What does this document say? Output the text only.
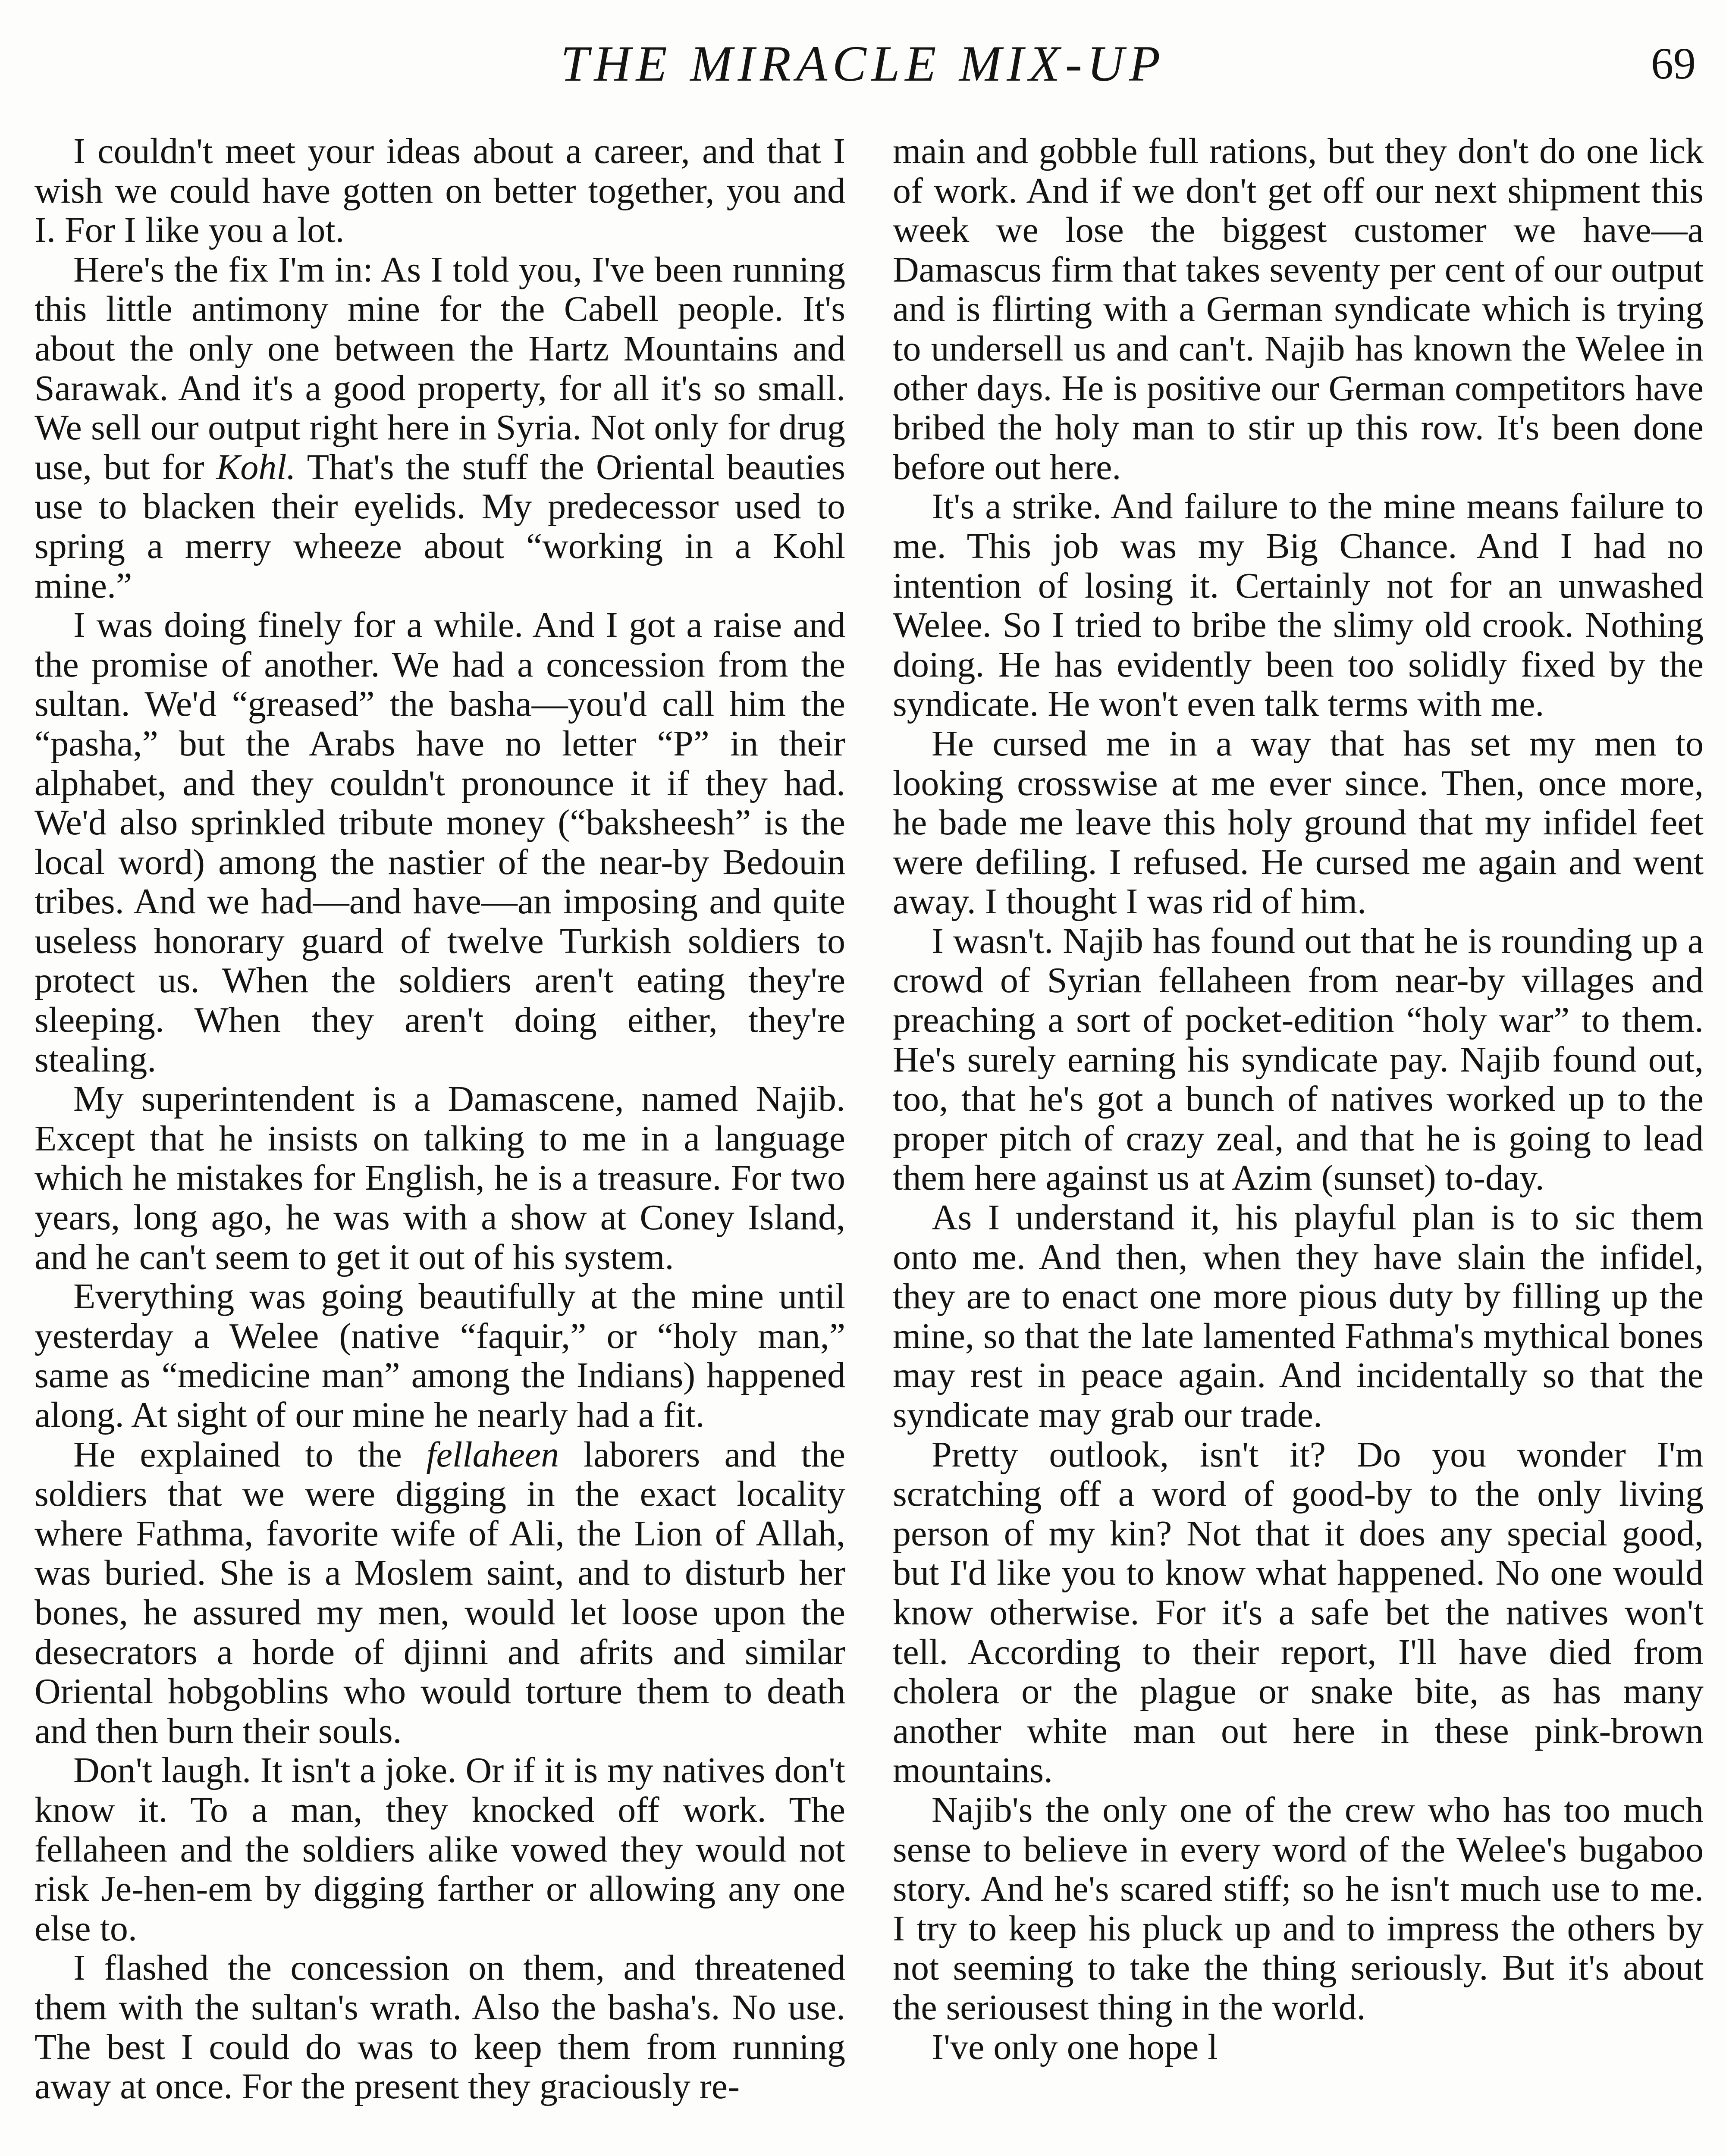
THE MIRACLE MIX-UP	69

I couldn't meet your ideas about a career, and that I wish we could have gotten on better together, you and I. For I like you a lot.

Here's the fix I'm in: As I told you, I've been running this little antimony mine for the Cabell people. It's about the only one between the Hartz Mountains and Sarawak. And it's a good property, for all it's so small. We sell our output right here in Syria. Not only for drug use, but for Kohl. That's the stuff the Oriental beauties use to blacken their eyelids. My predecessor used to spring a merry wheeze about “working in a Kohl mine.”

I was doing finely for a while. And I got a raise and the promise of another. We had a concession from the sultan. We'd “greased” the basha—you'd call him the “pasha,” but the Arabs have no letter “P” in their alphabet, and they couldn't pronounce it if they had. We'd also sprinkled tribute money (“baksheesh” is the local word) among the nastier of the near-by Bedouin tribes. And we had—and have—an imposing and quite useless honorary guard of twelve Turkish soldiers to protect us. When the soldiers aren't eating they're sleeping. When they aren't doing either, they're stealing.

My superintendent is a Damascene, named Najib. Except that he insists on talking to me in a language which he mistakes for English, he is a treasure. For two years, long ago, he was with a show at Coney Island, and he can't seem to get it out of his system.

Everything was going beautifully at the mine until yesterday a Welee (native “faquir,” or “holy man,” same as “medicine man” among the Indians) happened along. At sight of our mine he nearly had a fit.

He explained to the fellaheen laborers and the soldiers that we were digging in the exact locality where Fathma, favorite wife of Ali, the Lion of Allah, was buried. She is a Moslem saint, and to disturb her bones, he assured my men, would let loose upon the desecrators a horde of djinni and afrits and similar Oriental hobgoblins who would torture them to death and then burn their souls.

Don't laugh. It isn't a joke. Or if it is my natives don't know it. To a man, they knocked off work. The fellaheen and the soldiers alike vowed they would not risk Je-hen-em by digging farther or allowing any one else to.

I flashed the concession on them, and threatened them with the sultan's wrath. Also the basha's. No use. The best I could do was to keep them from running away at once. For the present they graciously re-

main and gobble full rations, but they don't do one lick of work. And if we don't get off our next shipment this week we lose the biggest customer we have—a Damascus firm that takes seventy per cent of our output and is flirting with a German syndicate which is trying to undersell us and can't. Najib has known the Welee in other days. He is positive our German competitors have bribed the holy man to stir up this row. It's been done before out here.

It's a strike. And failure to the mine means failure to me. This job was my Big Chance. And I had no intention of losing it. Certainly not for an unwashed Welee. So I tried to bribe the slimy old crook. Nothing doing. He has evidently been too solidly fixed by the syndicate. He won't even talk terms with me.

He cursed me in a way that has set my men to looking crosswise at me ever since. Then, once more, he bade me leave this holy ground that my infidel feet were defiling. I refused. He cursed me again and went away. I thought I was rid of him.

I wasn't. Najib has found out that he is rounding up a crowd of Syrian fellaheen from near-by villages and preaching a sort of pocket-edition “holy war” to them. He's surely earning his syndicate pay. Najib found out, too, that he's got a bunch of natives worked up to the proper pitch of crazy zeal, and that he is going to lead them here against us at Azim (sunset) to-day.

As I understand it, his playful plan is to sic them onto me. And then, when they have slain the infidel, they are to enact one more pious duty by filling up the mine, so that the late lamented Fathma's mythical bones may rest in peace again. And incidentally so that the syndicate may grab our trade.

Pretty outlook, isn't it? Do you wonder I'm scratching off a word of good-by to the only living person of my kin? Not that it does any special good, but I'd like you to know what happened. No one would know otherwise. For it's a safe bet the natives won't tell. According to their report, I'll have died from cholera or the plague or snake bite, as has many another white man out here in these pink-brown mountains.

Najib's the only one of the crew who has too much sense to believe in every word of the Welee's bugaboo story. And he's scared stiff; so he isn't much use to me. I try to keep his pluck up and to impress the others by not seeming to take the thing seriously. But it's about the seriousest thing in the world.

I've only one hope l
